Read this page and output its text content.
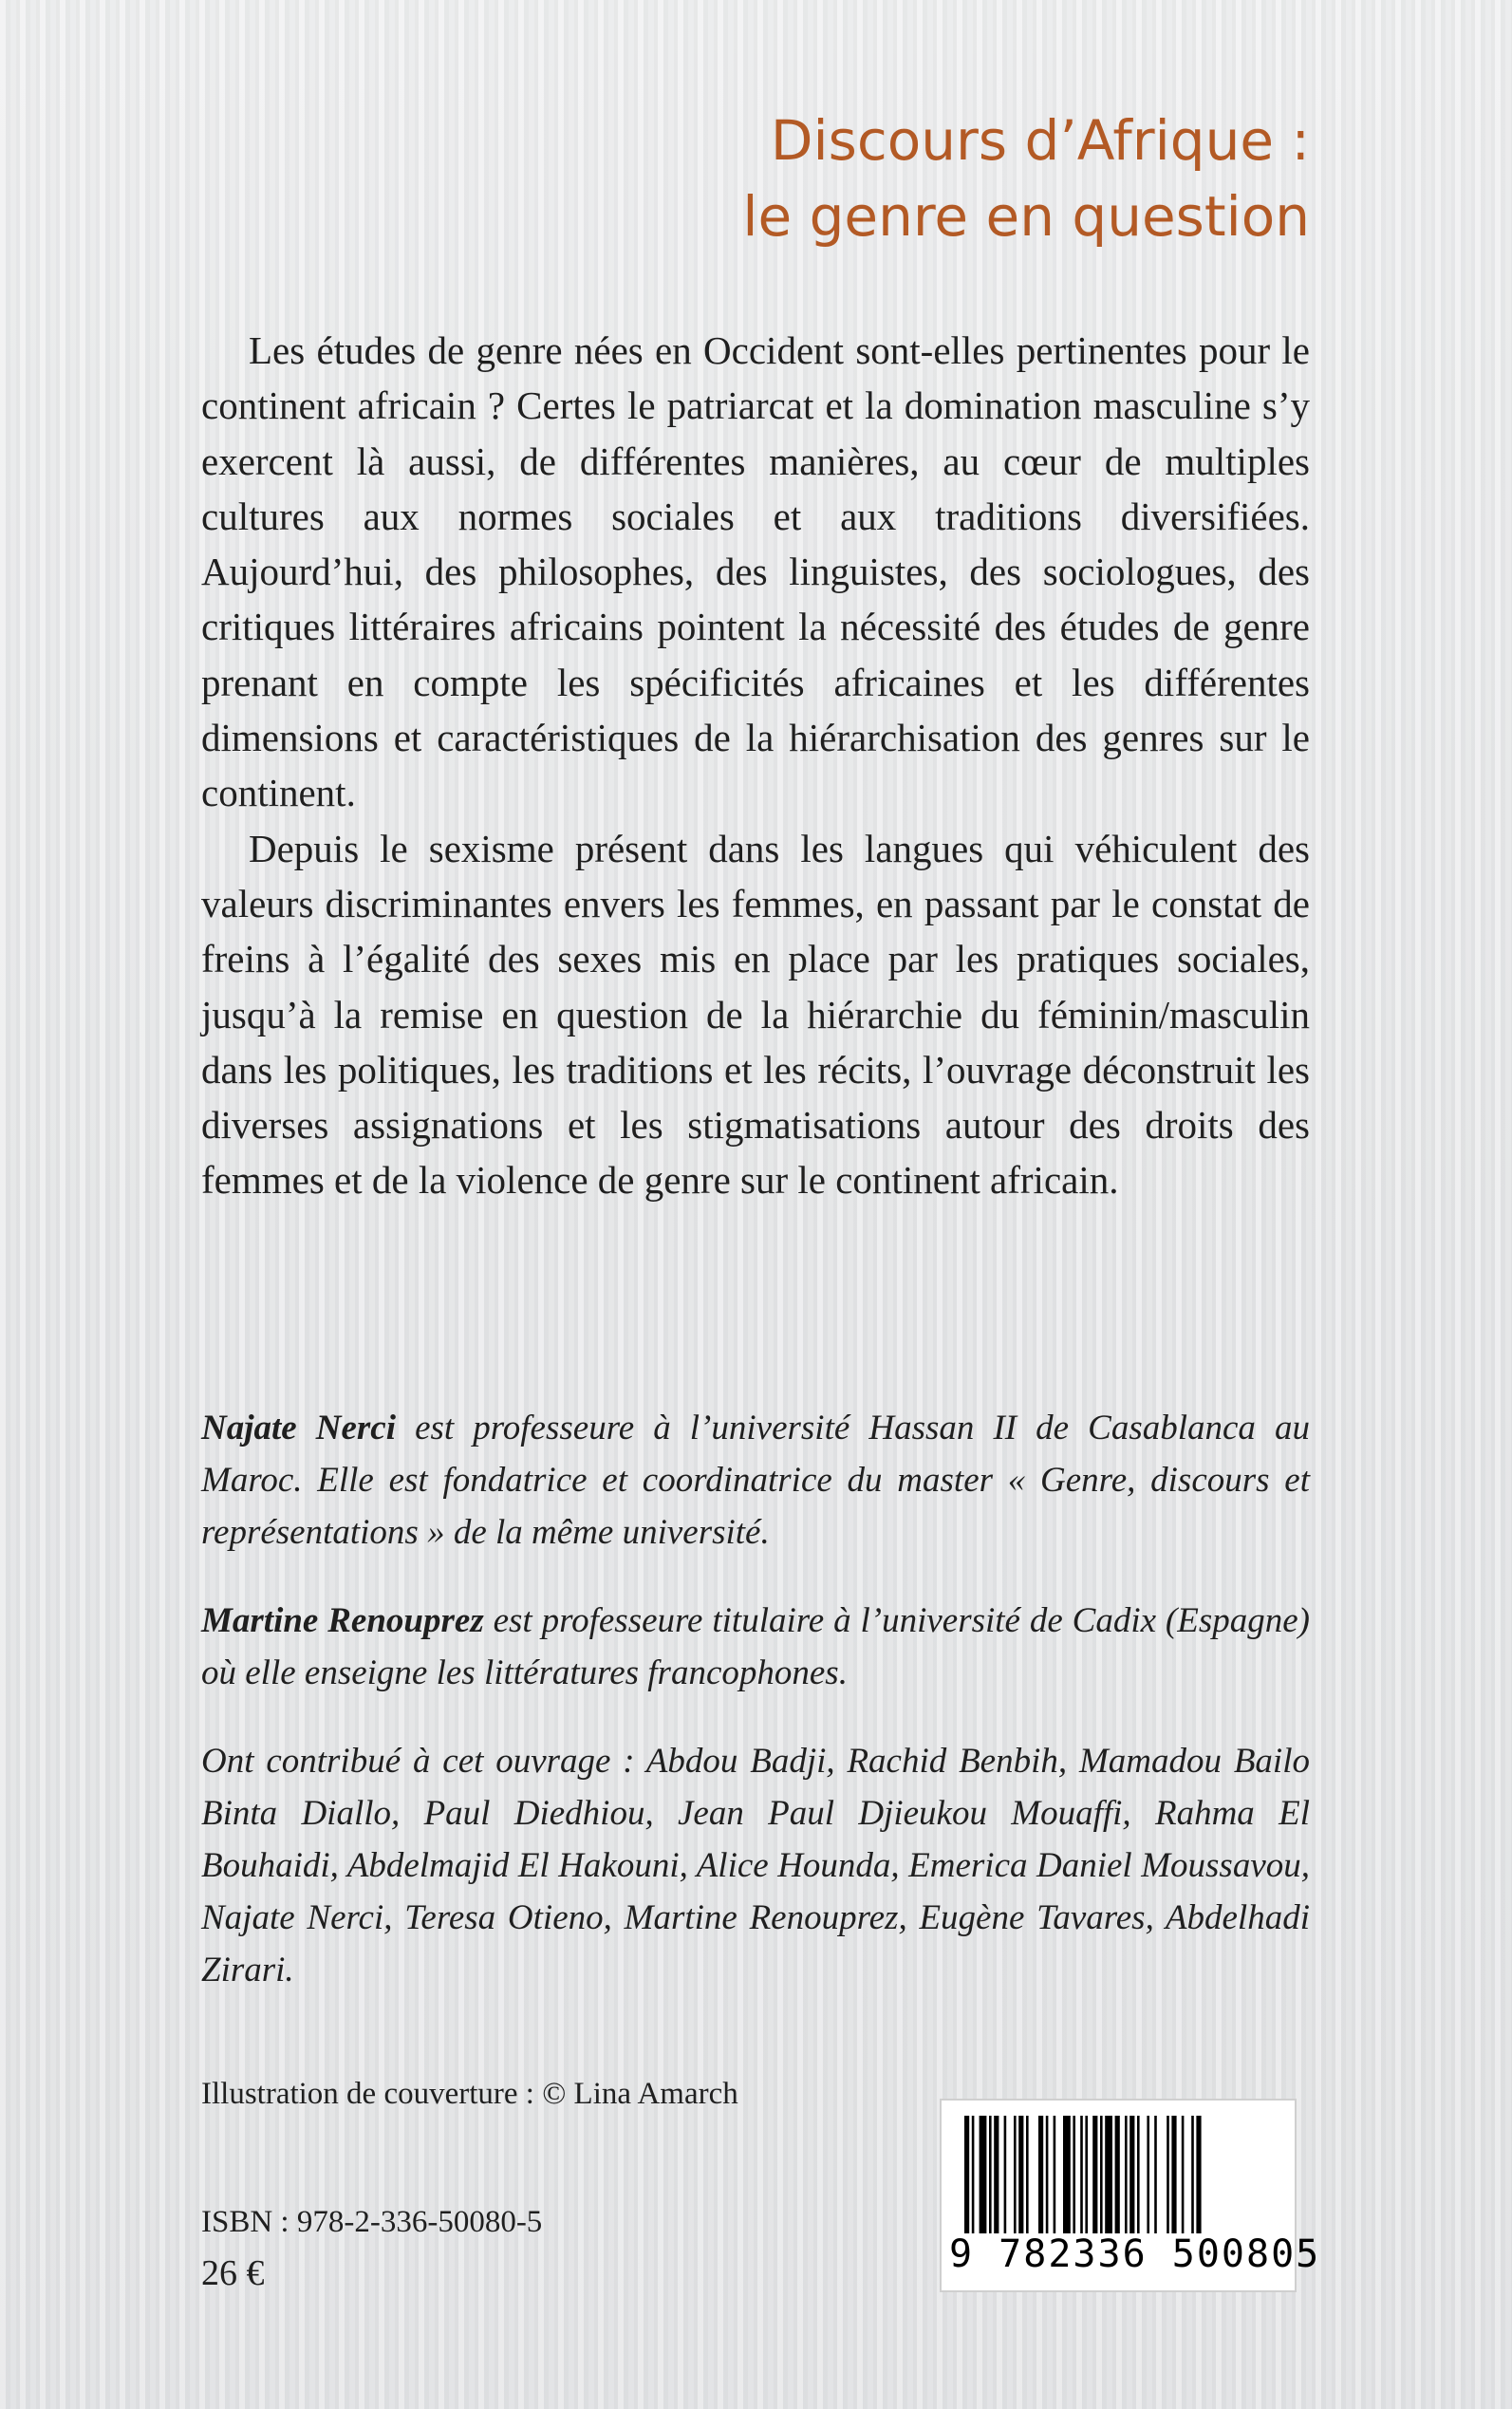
Discours d’Afrique :
le genre en question

Les études de genre nées en Occident sont-elles pertinentes pour le continent africain ? Certes le patriarcat et la domination masculine s’y exercent là aussi, de différentes manières, au cœur de multiples cultures aux normes sociales et aux traditions diversifiées. Aujourd’hui, des philosophes, des linguistes, des sociologues, des critiques littéraires africains pointent la nécessité des études de genre prenant en compte les spécificités africaines et les différentes dimensions et caractéristiques de la hiérarchisation des genres sur le continent.

Depuis le sexisme présent dans les langues qui véhiculent des valeurs discriminantes envers les femmes, en passant par le constat de freins à l’égalité des sexes mis en place par les pratiques sociales, jusqu’à la remise en question de la hiérarchie du féminin/masculin dans les politiques, les traditions et les récits, l’ouvrage déconstruit les diverses assignations et les stigmatisations autour des droits des femmes et de la violence de genre sur le continent africain.

Najate Nerci est professeure à l’université Hassan II de Casablanca au Maroc. Elle est fondatrice et coordinatrice du master « Genre, discours et représentations » de la même université.
Martine Renouprez est professeure titulaire à l’université de Cadix (Espagne) où elle enseigne les littératures francophones.
Ont contribué à cet ouvrage : Abdou Badji, Rachid Benbih, Mamadou Bailo Binta Diallo, Paul Diedhiou, Jean Paul Djieukou Mouaffi, Rahma El Bouhaidi, Abdelmajid El Hakouni, Alice Hounda, Emerica Daniel Moussavou, Najate Nerci, Teresa Otieno, Martine Renouprez, Eugène Tavares, Abdelhadi Zirari.
Illustration de couverture : © Lina Amarch
ISBN : 978-2-336-50080-5
26 €	9 782336 500805
